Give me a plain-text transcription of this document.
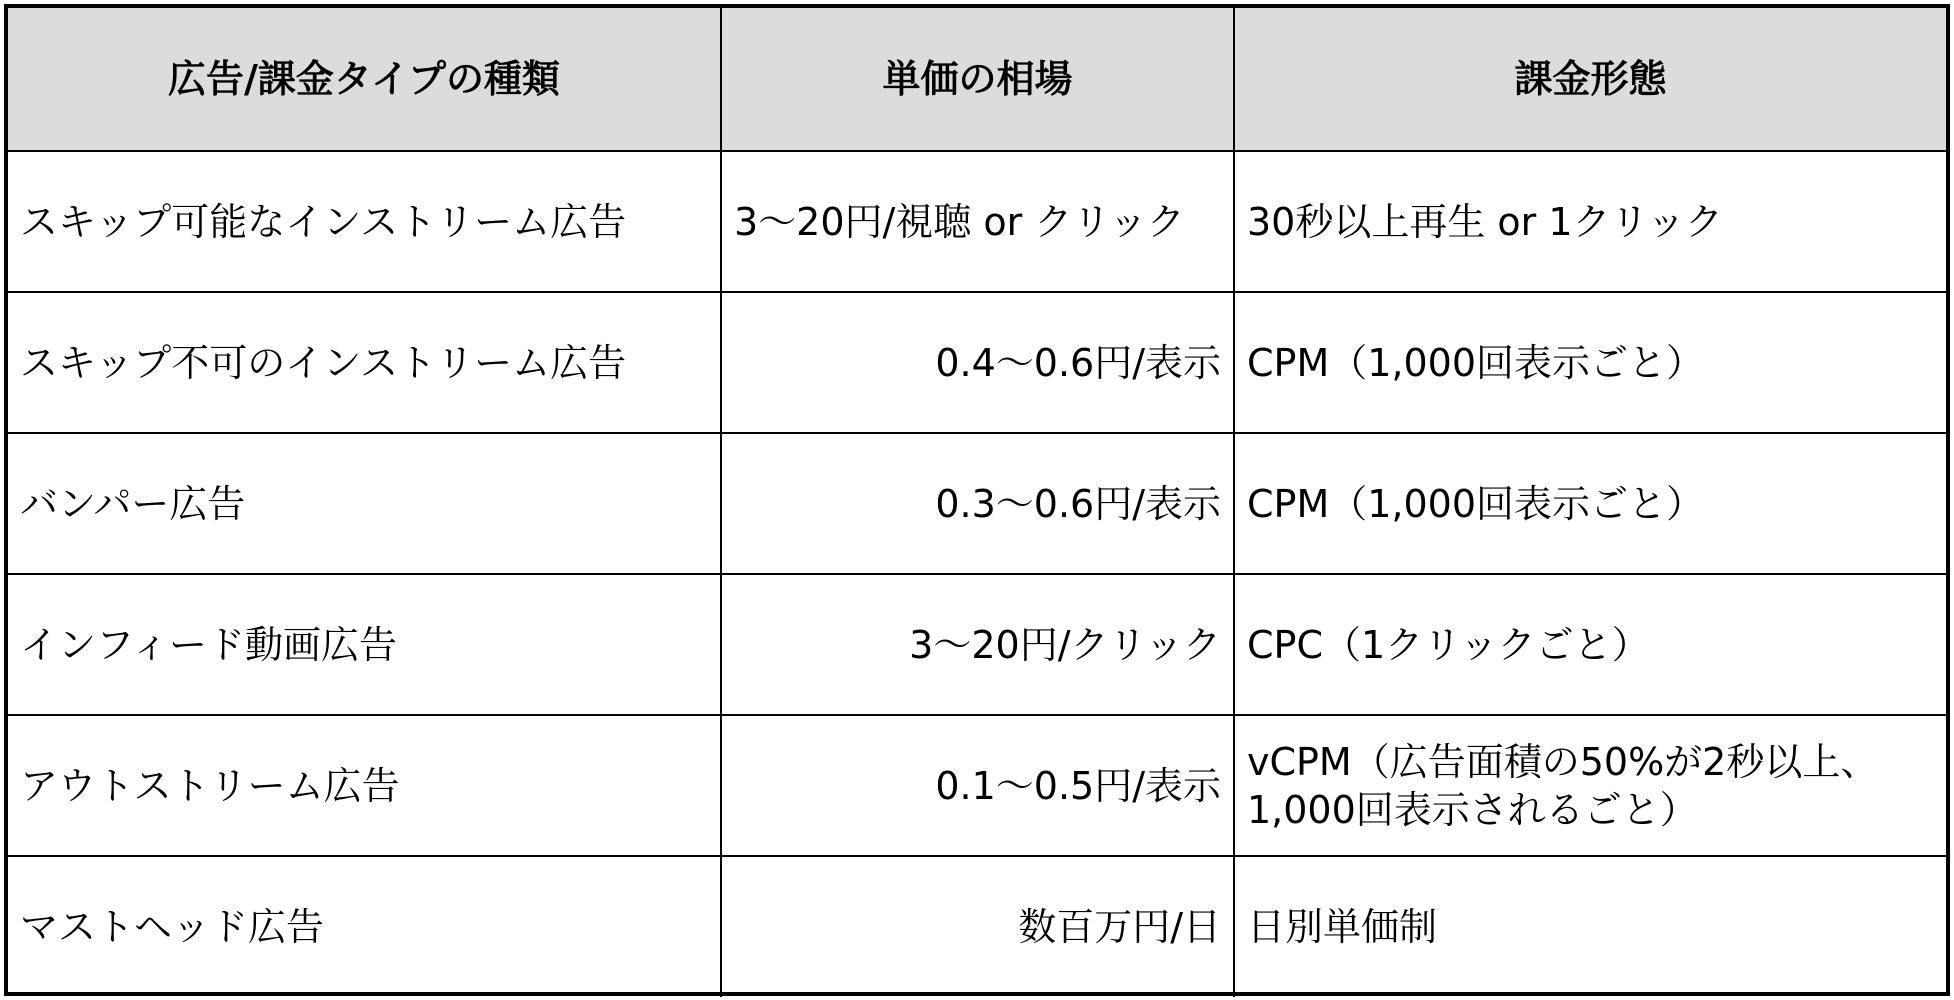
広告/課金タイプの種類	単価の相場	課金形態
スキップ可能なインストリーム広告	3〜20円/視聴 or クリック	30秒以上再生 or 1クリック

スキップ不可のインストリーム広告	0.4〜0.6円/表示	CPM（1,000回表示ごと）

バンパー広告	0.3〜0.6円/表示	CPM（1,000回表示ごと）

インフィード動画広告	3〜20円/クリック	CPC（1クリックごと）

アウトストリーム広告	0.1〜0.5円/表示	vCPM（広告面積の50%が2秒以上、
1,000回表示されるごと）

マストヘッド広告	数百万円/日	日別単価制
